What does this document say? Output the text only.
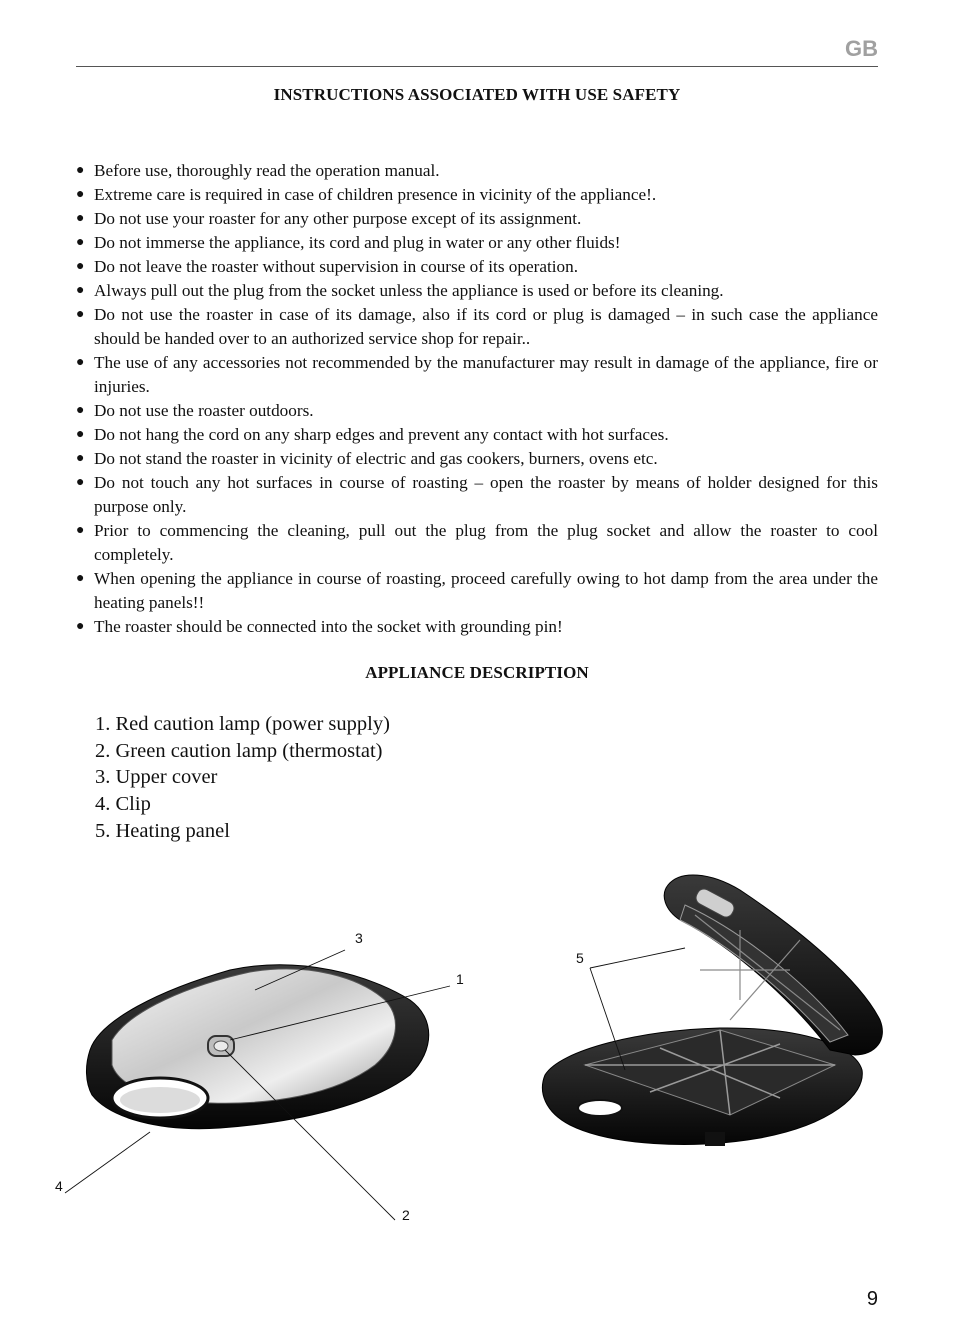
GB
INSTRUCTIONS ASSOCIATED WITH USE SAFETY
● Before use, thoroughly read the operation manual.
● Extreme care is required in case of children presence in vicinity of the appliance!.
● Do not use your roaster for any other purpose except of its assignment.
● Do not immerse the appliance, its cord and plug in water or any other fluids!
● Do not leave the roaster without supervision in course of its operation.
● Always pull out the plug from the socket unless the appliance is used or before its cleaning.
● Do not use the roaster in case of its damage, also if its cord or plug is damaged – in such case the appliance should be handed over to an authorized service shop for repair..
● The use of any accessories not recommended by the manufacturer may result in damage of the appliance, fire or injuries.
● Do not use the roaster outdoors.
● Do not hang the cord on any sharp edges and prevent any contact with hot surfaces.
● Do not stand the roaster in vicinity of electric and gas cookers, burners, ovens etc.
● Do not touch any hot surfaces in course of roasting – open the roaster by means of holder designed for this purpose only.
● Prior to commencing the cleaning, pull out the plug from the plug socket and allow the roaster to cool completely.
● When opening the appliance in course of roasting, proceed carefully owing to hot damp from the area under the heating panels!!
● The roaster should be connected into the socket with grounding pin!
APPLIANCE DESCRIPTION
1. Red caution lamp (power supply)
2. Green caution lamp (thermostat)
3. Upper cover
4. Clip
5. Heating panel
3
1
2
4
5
9
